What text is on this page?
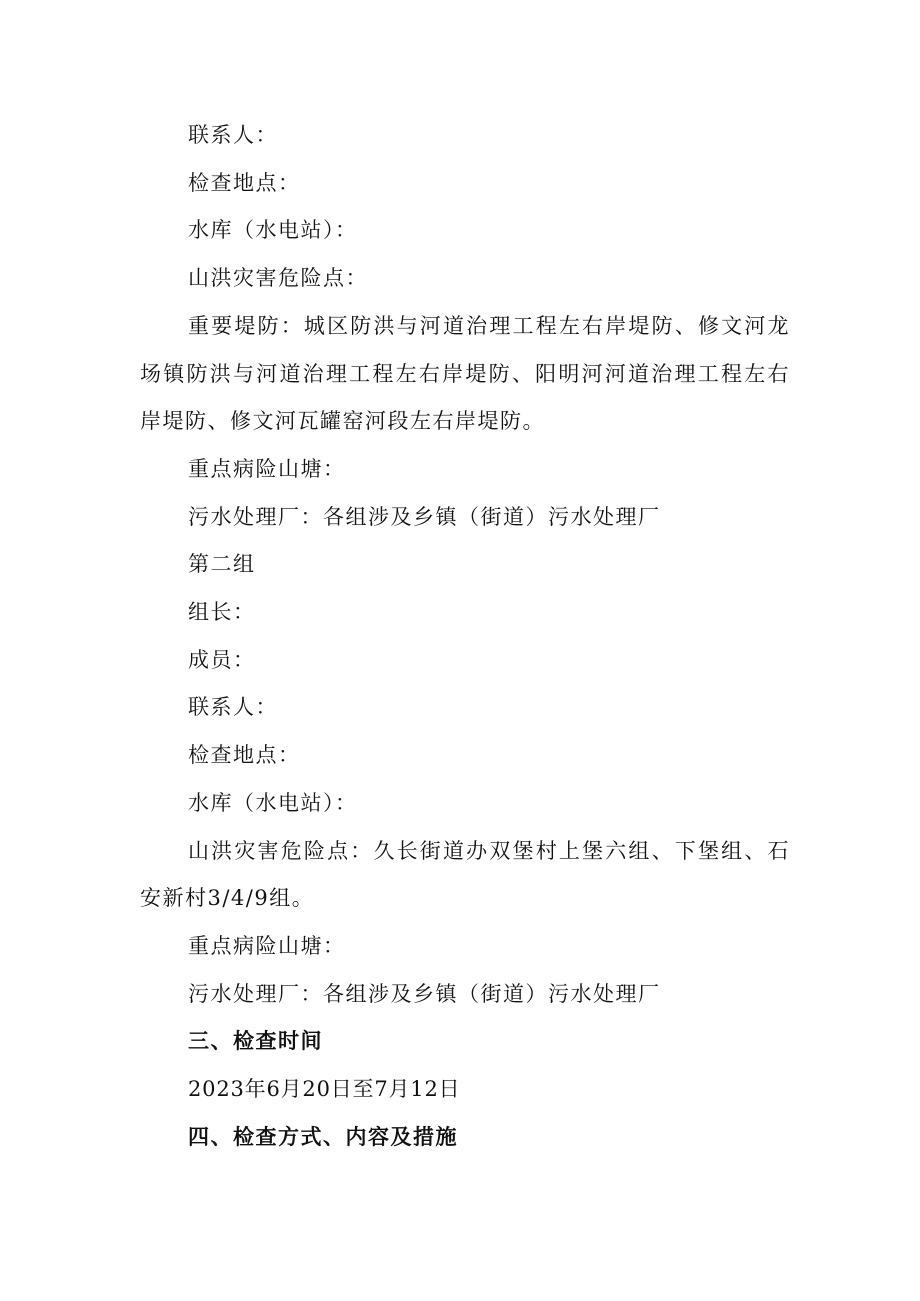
联系人：

检查地点：

水库（水电站）：

山洪灾害危险点：

重要堤防：城区防洪与河道治理工程左右岸堤防、修文河龙场镇防洪与河道治理工程左右岸堤防、阳明河河道治理工程左右岸堤防、修文河瓦罐窑河段左右岸堤防。

重点病险山塘：

污水处理厂：各组涉及乡镇（街道）污水处理厂

第二组

组长：

成员：

联系人：

检查地点：

水库（水电站）：

山洪灾害危险点：久长街道办双堡村上堡六组、下堡组、石安新村3/4/9组。

重点病险山塘：

污水处理厂：各组涉及乡镇（街道）污水处理厂

三、检查时间

2023年6月20日至7月12日

四、检查方式、内容及措施
